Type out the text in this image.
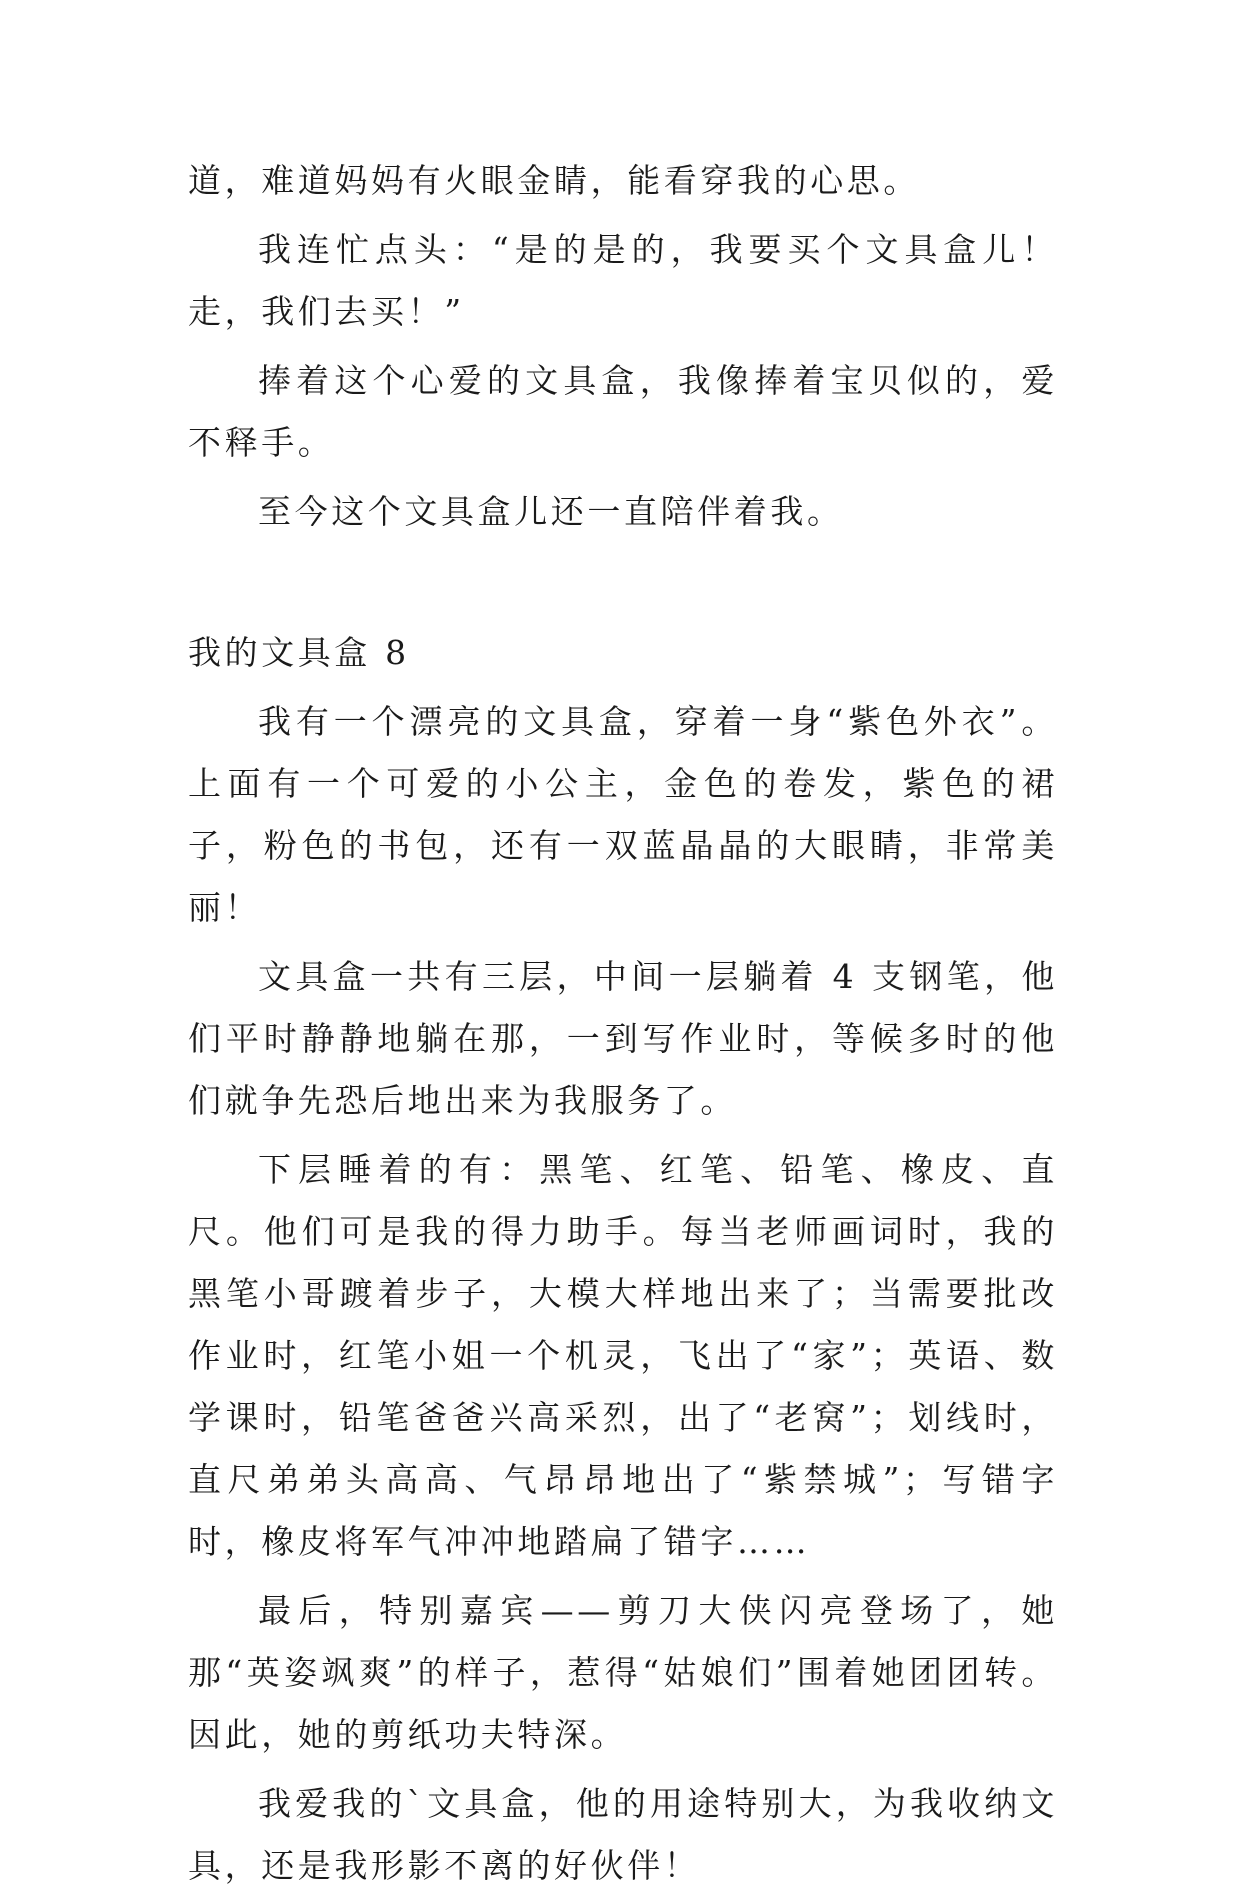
道，难道妈妈有火眼金睛，能看穿我的心思。

我连忙点头：“是的是的，我要买个文具盒儿！走，我们去买！”

捧着这个心爱的文具盒，我像捧着宝贝似的，爱不释手。

至今这个文具盒儿还一直陪伴着我。

我的文具盒 8

我有一个漂亮的文具盒，穿着一身“紫色外衣”。上面有一个可爱的小公主，金色的卷发，紫色的裙子，粉色的书包，还有一双蓝晶晶的大眼睛，非常美丽！

文具盒一共有三层，中间一层躺着 4 支钢笔，他们平时静静地躺在那，一到写作业时，等候多时的他们就争先恐后地出来为我服务了。

下层睡着的有：黑笔、红笔、铅笔、橡皮、直尺。他们可是我的得力助手。每当老师画词时，我的黑笔小哥踱着步子，大模大样地出来了；当需要批改作业时，红笔小姐一个机灵，飞出了“家”；英语、数学课时，铅笔爸爸兴高采烈，出了“老窝”；划线时，直尺弟弟头高高、气昂昂地出了“紫禁城”；写错字时，橡皮将军气冲冲地踏扁了错字……

最后，特别嘉宾——剪刀大侠闪亮登场了，她那“英姿飒爽”的样子，惹得“姑娘们”围着她团团转。因此，她的剪纸功夫特深。

我爱我的`文具盒，他的用途特别大，为我收纳文具，还是我形影不离的好伙伴！
